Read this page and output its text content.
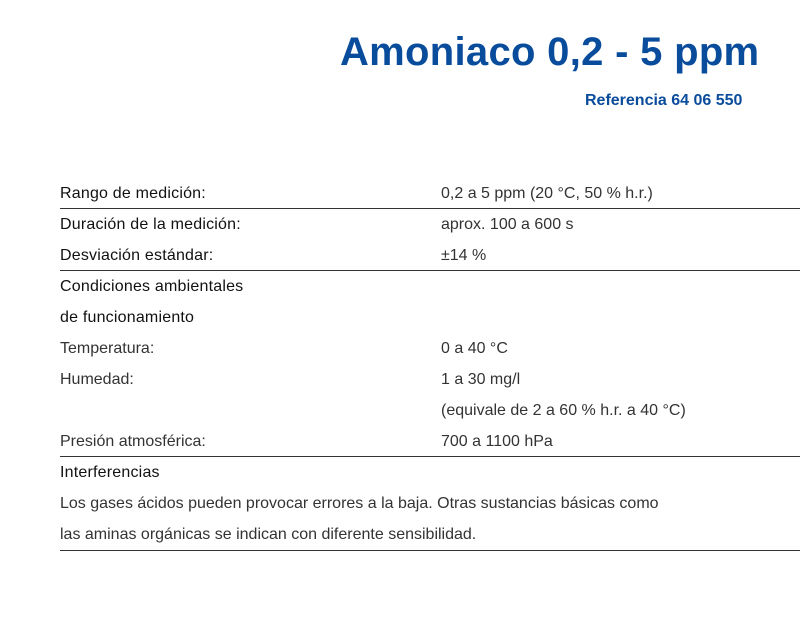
Amoniaco 0,2 - 5 ppm
Referencia 64 06 550
Rango de medición:	0,2 a 5 ppm (20 °C, 50 % h.r.)
Duración de la medición:	aprox. 100 a 600 s
Desviación estándar:	±14 %
Condiciones ambientales
de funcionamiento
Temperatura:	0 a 40 °C
Humedad:	1 a 30 mg/l
(equivale de 2 a 60 % h.r. a 40 °C)
Presión atmosférica:	700 a 1100 hPa
Interferencias
Los gases ácidos pueden provocar errores a la baja. Otras sustancias básicas como
las aminas orgánicas se indican con diferente sensibilidad.
